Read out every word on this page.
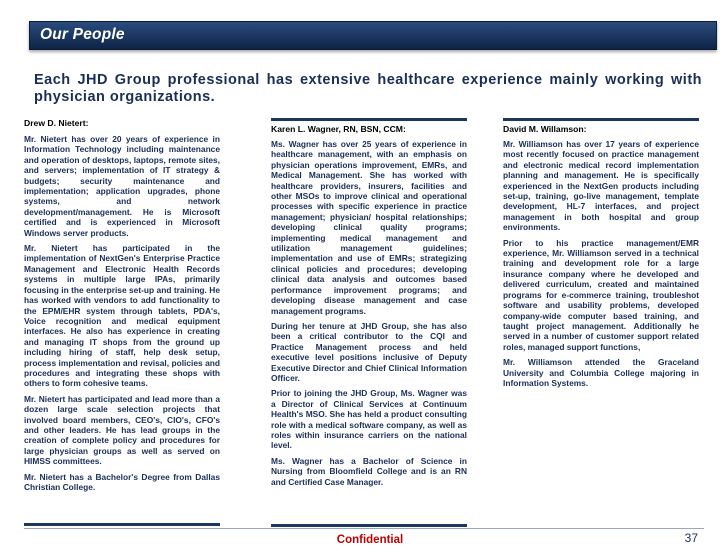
Our People
Each JHD Group professional has extensive healthcare experience mainly working with physician organizations.
Drew D. Nietert:

Mr. Nietert has over 20 years of experience in Information Technology including maintenance and operation of desktops, laptops, remote sites, and servers; implementation of IT strategy & budgets; security maintenance and implementation; application upgrades, phone systems, and network development/management. He is Microsoft certified and is experienced in Microsoft Windows server products.

Mr. Nietert has participated in the implementation of NextGen's Enterprise Practice Management and Electronic Health Records systems in multiple large IPAs, primarily focusing in the enterprise set-up and training. He has worked with vendors to add functionality to the EPM/EHR system through tablets, PDA's, Voice recognition and medical equipment interfaces. He also has experience in creating and managing IT shops from the ground up including hiring of staff, help desk setup, process implementation and revisal, policies and procedures and integrating these shops with others to form cohesive teams.

Mr. Nietert has participated and lead more than a dozen large scale selection projects that involved board members, CEO's, CIO's, CFO's and other leaders. He has lead groups in the creation of complete policy and procedures for large physician groups as well as served on HIMSS committees.

Mr. Nietert has a Bachelor's Degree from Dallas Christian College.

Karen L. Wagner, RN, BSN, CCM:

Ms. Wagner has over 25 years of experience in healthcare management, with an emphasis on physician operations improvement, EMRs, and Medical Management. She has worked with healthcare providers, insurers, facilities and other MSOs to improve clinical and operational processes with specific experience in practice management; physician/ hospital relationships; developing clinical quality programs; implementing medical management and utilization management guidelines; implementation and use of EMRs; strategizing clinical policies and procedures; developing clinical data analysis and outcomes based performance improvement programs; and developing disease management and case management programs.

During her tenure at JHD Group, she has also been a critical contributor to the CQI and Practice Management process and held executive level positions inclusive of Deputy Executive Director and Chief Clinical Information Officer.

Prior to joining the JHD Group, Ms. Wagner was a Director of Clinical Services at Continuum Health's MSO. She has held a product consulting role with a medical software company, as well as roles within insurance carriers on the national level.

Ms. Wagner has a Bachelor of Science in Nursing from Bloomfield College and is an RN and Certified Case Manager.

David M. Willamson:

Mr. Williamson has over 17 years of experience most recently focused on practice management and electronic medical record implementation planning and management. He is specifically experienced in the NextGen products including set-up, training, go-live management, template development, HL-7 interfaces, and project management in both hospital and group environments.

Prior to his practice management/EMR experience, Mr. Williamson served in a technical training and development role for a large insurance company where he developed and delivered curriculum, created and maintained programs for e-commerce training, troubleshot software and usability problems, developed company-wide computer based training, and taught project management. Additionally he served in a number of customer support related roles, managed support functions,

Mr. Williamson attended the Graceland University and Columbia College majoring in Information Systems.

Confidential	37
